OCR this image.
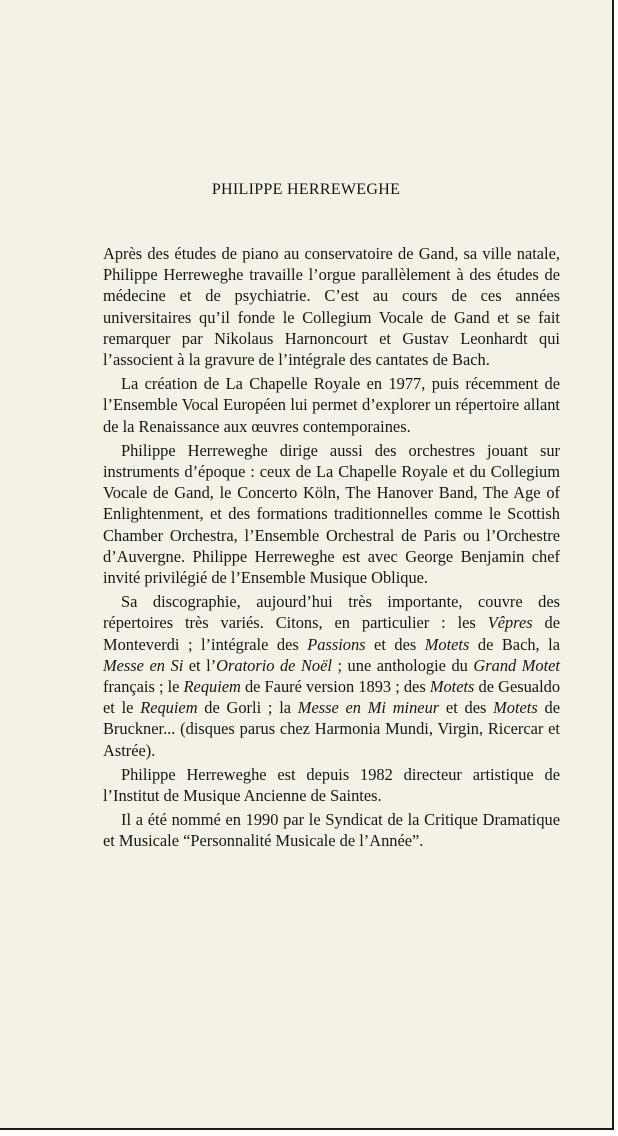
PHILIPPE HERREWEGHE

Après des études de piano au conservatoire de Gand, sa ville natale, Philippe Herreweghe travaille l’orgue parallèlement à des études de médecine et de psychiatrie. C’est au cours de ces années universitaires qu’il fonde le Collegium Vocale de Gand et se fait remarquer par Nikolaus Harnoncourt et Gustav Leonhardt qui l’associent à la gravure de l’intégrale des cantates de Bach.

La création de La Chapelle Royale en 1977, puis récemment de l’Ensemble Vocal Européen lui permet d’explorer un répertoire allant de la Renaissance aux œuvres contemporaines.

Philippe Herreweghe dirige aussi des orchestres jouant sur instruments d’époque : ceux de La Chapelle Royale et du Collegium Vocale de Gand, le Concerto Köln, The Hanover Band, The Age of Enlightenment, et des formations traditionnelles comme le Scottish Chamber Orchestra, l’Ensemble Orchestral de Paris ou l’Orchestre d’Auvergne. Philippe Herreweghe est avec George Benjamin chef invité privilégié de l’Ensemble Musique Oblique.

Sa discographie, aujourd’hui très importante, couvre des répertoires très variés. Citons, en particulier : les Vêpres de Monteverdi ; l’intégrale des Passions et des Motets de Bach, la Messe en Si et l’Oratorio de Noël ; une anthologie du Grand Motet français ; le Requiem de Fauré version 1893 ; des Motets de Gesualdo et le Requiem de Gorli ; la Messe en Mi mineur et des Motets de Bruckner... (disques parus chez Harmonia Mundi, Virgin, Ricercar et Astrée).

Philippe Herreweghe est depuis 1982 directeur artistique de l’Institut de Musique Ancienne de Saintes.

Il a été nommé en 1990 par le Syndicat de la Critique Dramatique et Musicale “Personnalité Musicale de l’Année”.
